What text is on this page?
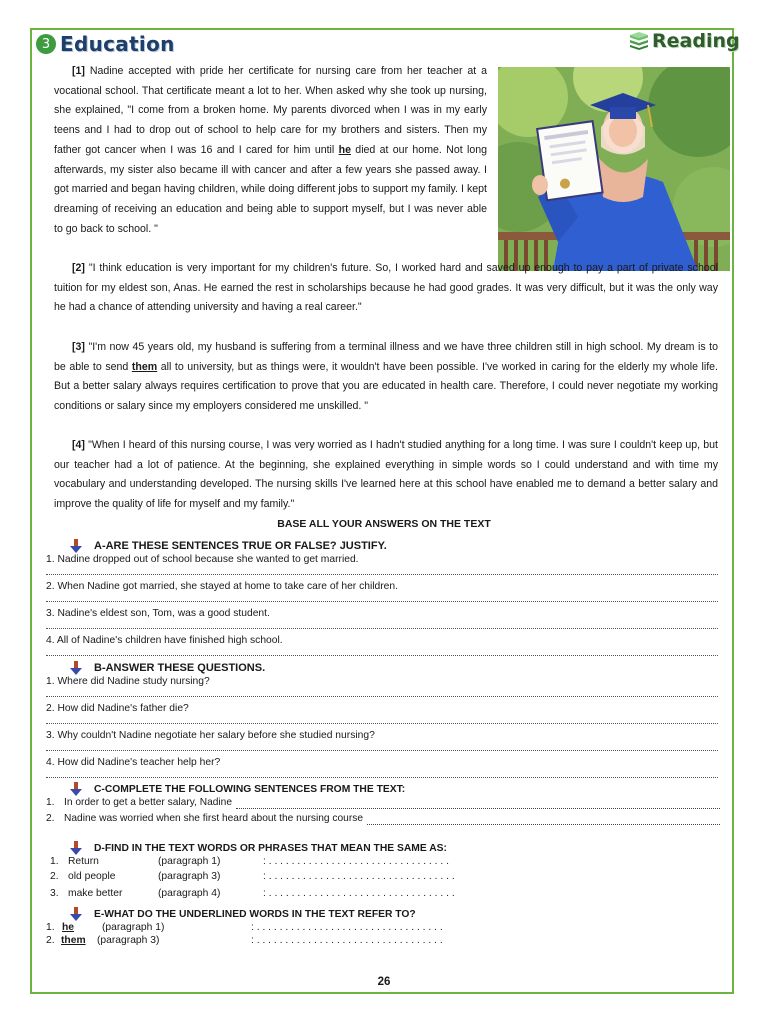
3 Education	Reading
[1] Nadine accepted with pride her certificate for nursing care from her teacher at a vocational school. That certificate meant a lot to her. When asked why she took up nursing, she explained, "I come from a broken home. My parents divorced when I was in my early teens and I had to drop out of school to help care for my brothers and sisters. Then my father got cancer when I was 16 and I cared for him until he died at our home. Not long afterwards, my sister also became ill with cancer and after a few years she passed away. I got married and began having children, while doing different jobs to support my family. I kept dreaming of receiving an education and being able to support myself, but I was never able to go back to school. "
[2] "I think education is very important for my children's future. So, I worked hard and saved up enough to pay a part of private school tuition for my eldest son, Anas. He earned the rest in scholarships because he had good grades. It was very difficult, but it was the only way he had a chance of attending university and having a real career."
[3] "I'm now 45 years old, my husband is suffering from a terminal illness and we have three children still in high school. My dream is to be able to send them all to university, but as things were, it wouldn't have been possible. I've worked in caring for the elderly my whole life. But a better salary always requires certification to prove that you are educated in health care. Therefore, I could never negotiate my working conditions or salary since my employers considered me unskilled. "
[4] "When I heard of this nursing course, I was very worried as I hadn't studied anything for a long time. I was sure I couldn't keep up, but our teacher had a lot of patience. At the beginning, she explained everything in simple words so I could understand and with time my vocabulary and understanding developed. The nursing skills I've learned here at this school have enabled me to demand a better salary and improve the quality of life for myself and my family."
BASE ALL YOUR ANSWERS ON THE TEXT
A-ARE THESE SENTENCES TRUE OR FALSE? JUSTIFY.
1. Nadine dropped out of school because she wanted to get married.
2. When Nadine got married, she stayed at home to take care of her children.
3. Nadine's eldest son, Tom, was a good student.
4. All of Nadine's children have finished high school.
B-ANSWER THESE QUESTIONS.
1. Where did Nadine study nursing?
2. How did Nadine's father die?
3. Why couldn't Nadine negotiate her salary before she studied nursing?
4. How did Nadine's teacher help her?
C-COMPLETE THE FOLLOWING SENTENCES FROM THE TEXT:
1. In order to get a better salary, Nadine
2. Nadine was worried when she first heard about the nursing course
D-FIND IN THE TEXT WORDS OR PHRASES THAT MEAN THE SAME AS:
1. Return	(paragraph 1)	: . . . . . . . . . . . . . . . . . . . . . . . . . . . . . . . .
2. old people	(paragraph 3)	: . . . . . . . . . . . . . . . . . . . . . . . . . . . . . . . . .
3. make better	(paragraph 4)	: . . . . . . . . . . . . . . . . . . . . . . . . . . . . . . . . .
E-WHAT DO THE UNDERLINED WORDS IN THE TEXT REFER TO?
1. he	(paragraph 1)	: . . . . . . . . . . . . . . . . . . . . . . . . . . . . . . . . .
2. them (paragraph 3)	: . . . . . . . . . . . . . . . . . . . . . . . . . . . . . . . . .
26
